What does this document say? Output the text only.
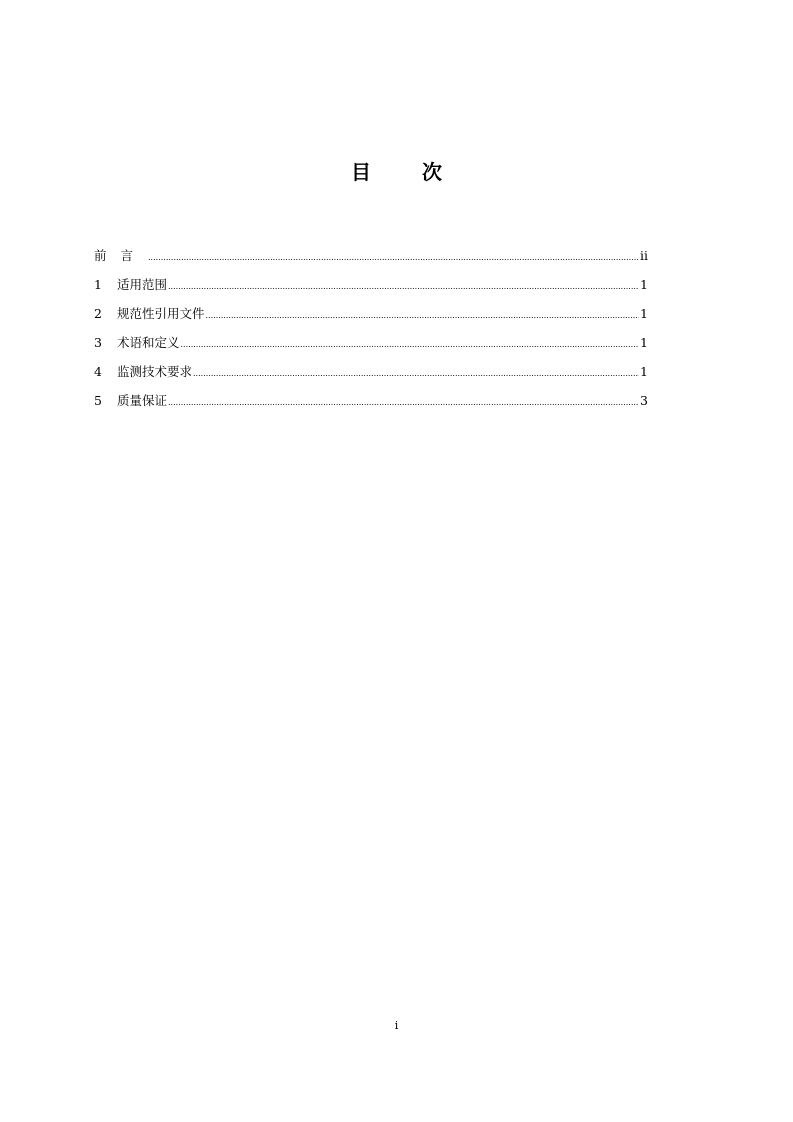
目 次
前言 .....	ii
1	适用范围 .....	1
2	规范性引用文件 .....	1
3	术语和定义 .....	1
4	监测技术要求 .....	1
5	质量保证 .....	3
i
